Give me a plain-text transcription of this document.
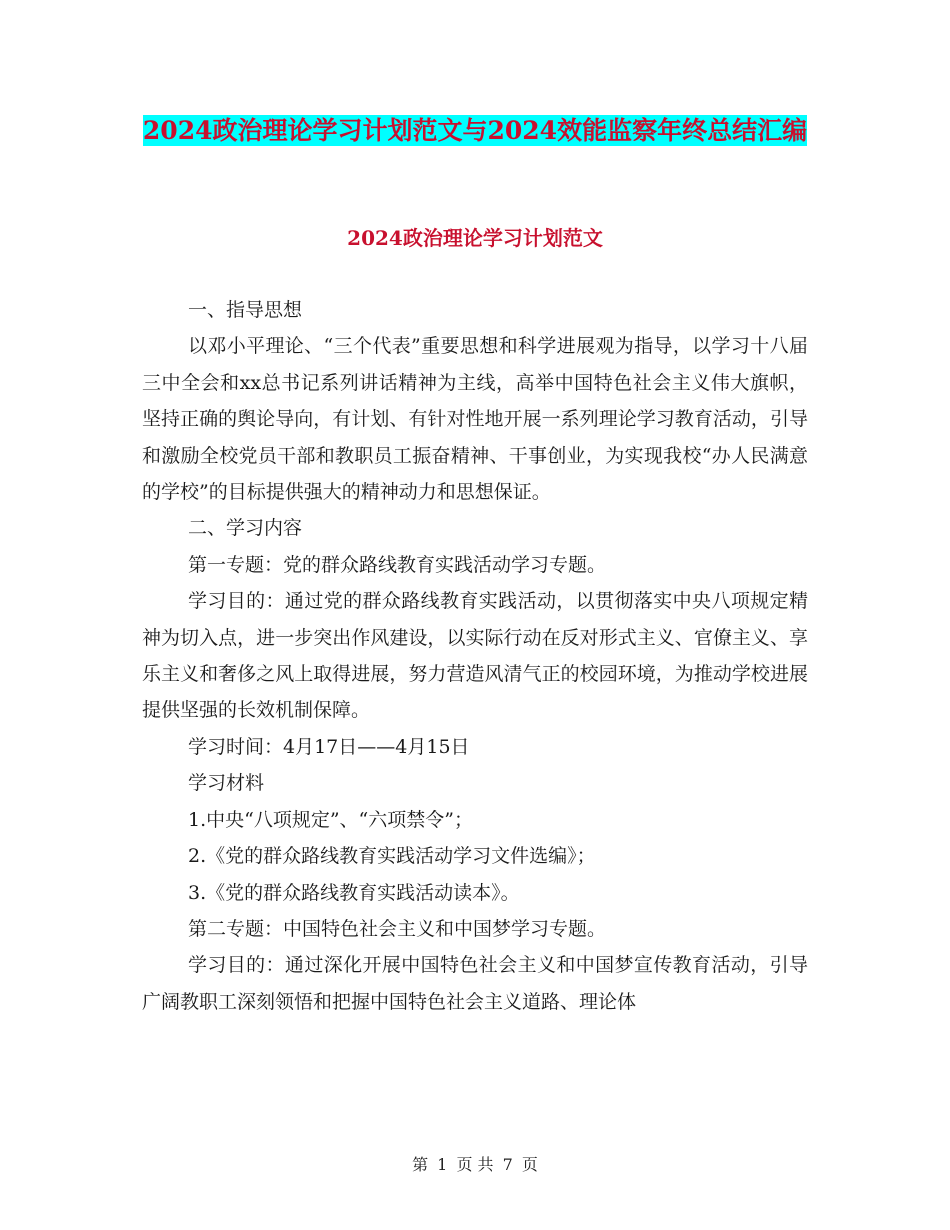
2024政治理论学习计划范文与2024效能监察年终总结汇编
2024政治理论学习计划范文

一、指导思想

以邓小平理论、“三个代表”重要思想和科学进展观为指导，以学习十八届三中全会和xx总书记系列讲话精神为主线，高举中国特色社会主义伟大旗帜，坚持正确的舆论导向，有计划、有针对性地开展一系列理论学习教育活动，引导和激励全校党员干部和教职员工振奋精神、干事创业，为实现我校“办人民满意的学校”的目标提供强大的精神动力和思想保证。

二、学习内容

第一专题：党的群众路线教育实践活动学习专题。

学习目的：通过党的群众路线教育实践活动，以贯彻落实中央八项规定精神为切入点，进一步突出作风建设，以实际行动在反对形式主义、官僚主义、享乐主义和奢侈之风上取得进展，努力营造风清气正的校园环境，为推动学校进展提供坚强的长效机制保障。

学习时间：4月17日——4月15日

学习材料

1.中央“八项规定”、“六项禁令”；

2.《党的群众路线教育实践活动学习文件选编》；

3.《党的群众路线教育实践活动读本》。

第二专题：中国特色社会主义和中国梦学习专题。

学习目的：通过深化开展中国特色社会主义和中国梦宣传教育活动，引导广阔教职工深刻领悟和把握中国特色社会主义道路、理论体

第 1 页 共 7 页
